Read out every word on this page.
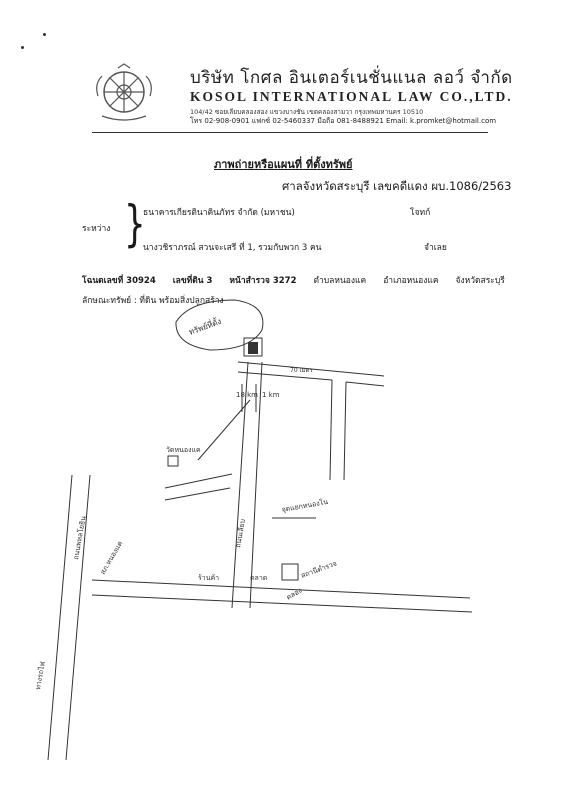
บริษัท โกศล อินเตอร์เนชั่นแนล ลอว์ จำกัด
KOSOL INTERNATIONAL LAW CO.,LTD.
104/42 ซอยเลียบคลองสอง แขวงบางชัน เขตคลองสามวา กรุงเทพมหานคร 10510
โทร 02-908-0901 แฟกซ์ 02-5460337 มือถือ 081-8488921 Email: k.promket@hotmail.com
ภาพถ่ายหรือแผนที่ ที่ตั้งทรัพย์
ศาลจังหวัดสระบุรี เลขคดีแดง ผบ.1086/2563
ธนาคารเกียรตินาคินภัทร จำกัด (มหาชน)	โจทก์
ระหว่าง }
นางวชิราภรณ์ สวนจะเสรี ที่ 1, รวมกับพวก 3 คน	จำเลย
โฉนดเลขที่ 30924 เลขที่ดิน 3 หน้าสำรวจ 3272 ตำบลหนองแค อำเภอหนองแค จังหวัดสระบุรี
ลักษณะทรัพย์ : ที่ดิน พร้อมสิ่งปลูกสร้าง
ทรัพย์ที่ตั้ง
18 km 1 km
70 เมตร
วัดหนองแค
จุดแยกหนองโน
ถนนเลียบ
ตลาด
ร้านค้า	สถานีตำรวจ
สภ.หนองแค
ถนนพหลโยธิน
ทางรถไฟ
คลอง
